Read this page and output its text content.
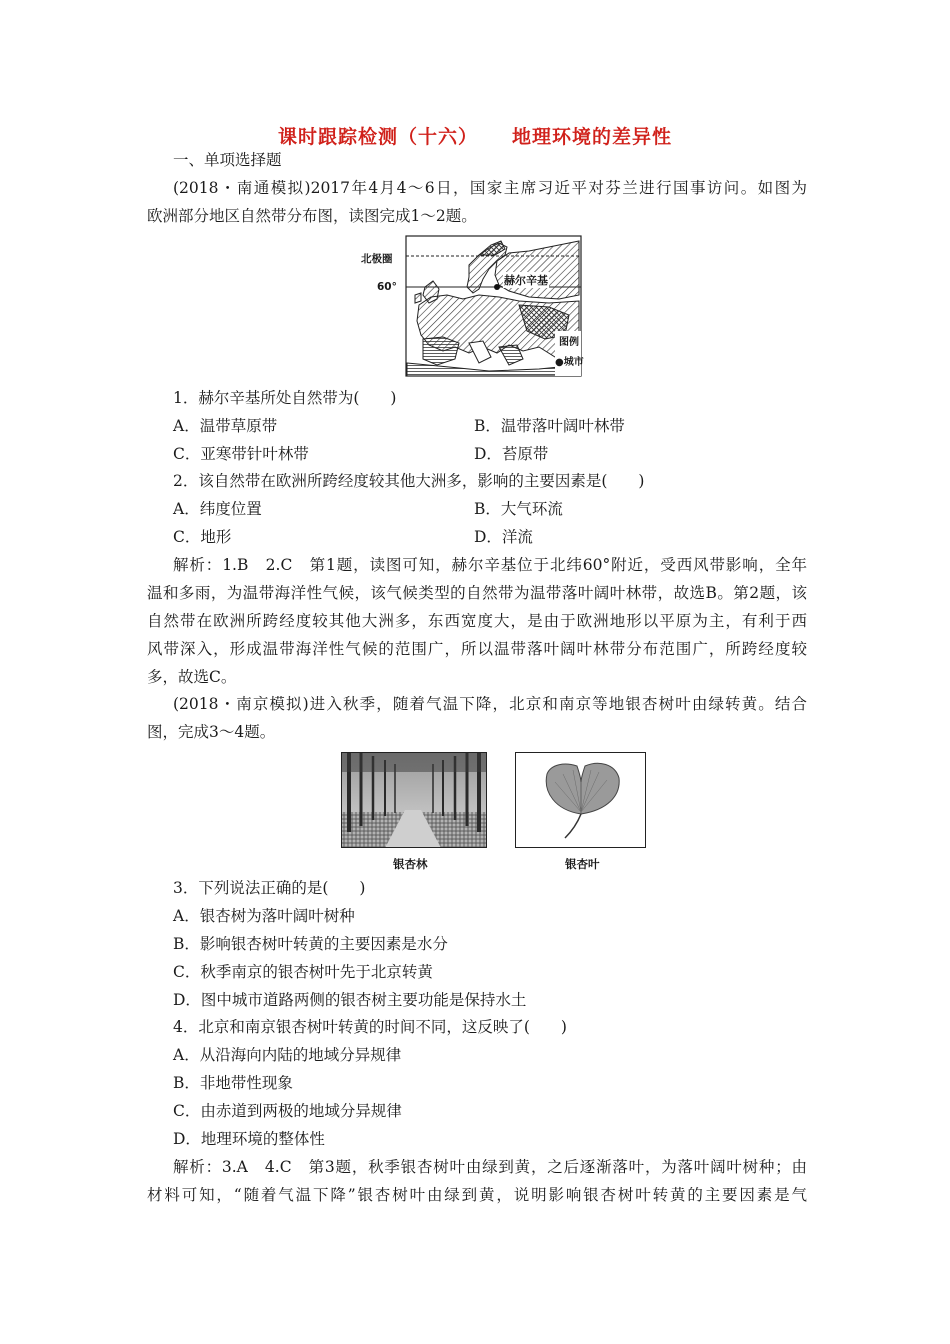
课时跟踪检测（十六） 地理环境的差异性
一、单项选择题
(2018・南通模拟)2017年4月4～6日，国家主席习近平对芬兰进行国事访问。如图为
欧洲部分地区自然带分布图，读图完成1～2题。
北极圈
60°	赫尔辛基
图例
●城市
1．赫尔辛基所处自然带为(　　)
A．温带草原带	B．温带落叶阔叶林带
C．亚寒带针叶林带	D．苔原带
2．该自然带在欧洲所跨经度较其他大洲多，影响的主要因素是(　　)
A．纬度位置	B．大气环流
C．地形	D．洋流
解析：1.B　2.C　第1题，读图可知，赫尔辛基位于北纬60°附近，受西风带影响，全年
温和多雨，为温带海洋性气候，该气候类型的自然带为温带落叶阔叶林带，故选B。第2题，该
自然带在欧洲所跨经度较其他大洲多，东西宽度大，是由于欧洲地形以平原为主，有利于西
风带深入，形成温带海洋性气候的范围广，所以温带落叶阔叶林带分布范围广，所跨经度较
多，故选C。
(2018・南京模拟)进入秋季，随着气温下降，北京和南京等地银杏树叶由绿转黄。结合
图，完成3～4题。
银杏林	银杏叶
3．下列说法正确的是(　　)
A．银杏树为落叶阔叶树种
B．影响银杏树叶转黄的主要因素是水分
C．秋季南京的银杏树叶先于北京转黄
D．图中城市道路两侧的银杏树主要功能是保持水土
4．北京和南京银杏树叶转黄的时间不同，这反映了(　　)
A．从沿海向内陆的地域分异规律
B．非地带性现象
C．由赤道到两极的地域分异规律
D．地理环境的整体性
解析：3.A　4.C　第3题，秋季银杏树叶由绿到黄，之后逐渐落叶，为落叶阔叶树种；由
材料可知，“随着气温下降”银杏树叶由绿到黄，说明影响银杏树叶转黄的主要因素是气
